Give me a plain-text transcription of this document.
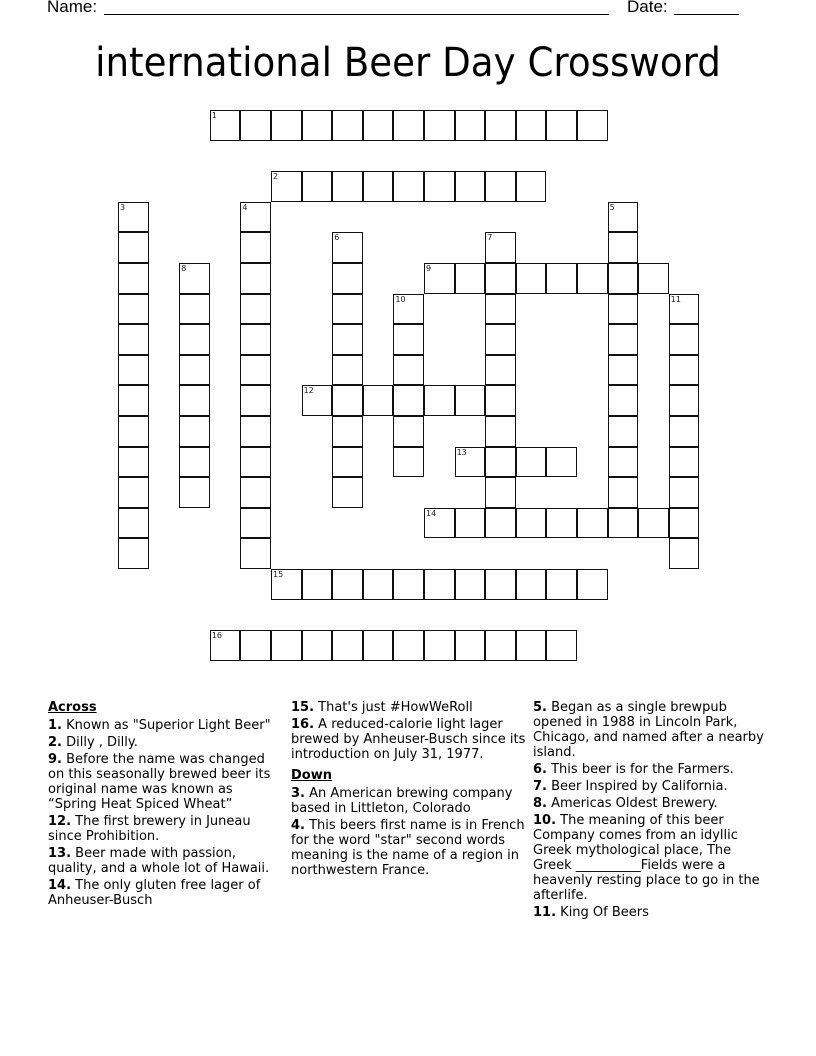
Name:	Date:
international Beer Day Crossword
1
2
3	4	5
6	7
8	9
10	11
12
13
14
15
16
Across
1. Known as "Superior Light Beer"
2. Dilly , Dilly.
9. Before the name was changed on this seasonally brewed beer its original name was known as “Spring Heat Spiced Wheat”
12. The first brewery in Juneau since Prohibition.
13. Beer made with passion, quality, and a whole lot of Hawaii.
14. The only gluten free lager of Anheuser-Busch
15. That's just #HowWeRoll
16. A reduced-calorie light lager brewed by Anheuser-Busch since its introduction on July 31, 1977.
Down
3. An American brewing company based in Littleton, Colorado
4. This beers first name is in French for the word "star" second words meaning is the name of a region in northwestern France.
5. Began as a single brewpub opened in 1988 in Lincoln Park, Chicago, and named after a nearby island.
6. This beer is for the Farmers.
7. Beer Inspired by California.
8. Americas Oldest Brewery.
10. The meaning of this beer Company comes from an idyllic Greek mythological place, The Greek __________Fields were a heavenly resting place to go in the afterlife.
11. King Of Beers
